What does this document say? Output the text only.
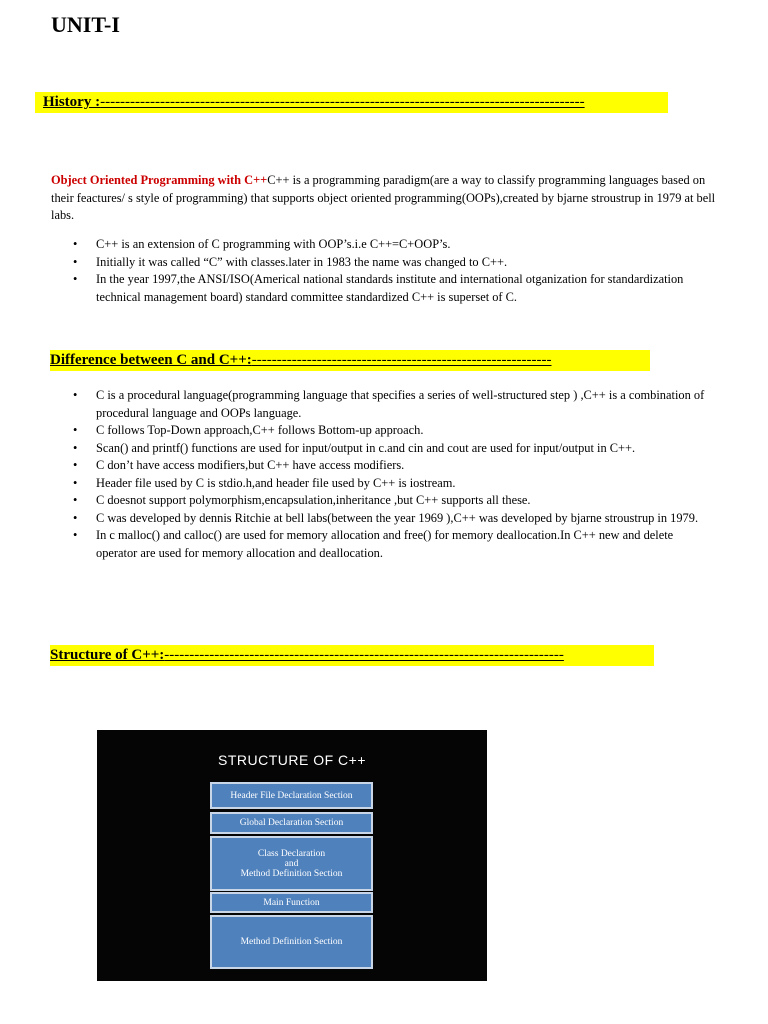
UNIT-I
History :-------------------------------------------------------------------------------------------------
Object Oriented Programming with C++C++ is a programming paradigm(are a way to classify programming languages based on their feactures/ s style of programming) that supports object oriented programming(OOPs),created by bjarne stroustrup in 1979 at bell labs.
• C++ is an extension of C programming with OOP’s.i.e C++=C+OOP’s.
• Initially it was called “C” with classes.later in 1983 the name was changed to C++.
• In the year 1997,the ANSI/ISO(Americal national standards institute and international otganization for standardization technical management board) standard committee standardized C++ is superset of C.
Difference between C and C++:------------------------------------------------------------
• C is a procedural language(programming language that specifies a series of well-structured step ) ,C++ is a combination of procedural language and OOPs language.
• C follows Top-Down approach,C++ follows Bottom-up approach.
• Scan() and printf() functions are used for input/output in c.and cin and cout are used for input/output in C++.
• C don’t have access modifiers,but C++ have access modifiers.
• Header file used by C is stdio.h,and header file used by C++ is iostream.
• C doesnot support polymorphism,encapsulation,inheritance ,but C++ supports all these.
• C was developed by dennis Ritchie at bell labs(between the year 1969 ),C++ was developed by bjarne stroustrup in 1979.
• In c malloc() and calloc() are used for memory allocation and free() for memory deallocation.In C++ new and delete operator are used for memory allocation and deallocation.
Structure of C++:--------------------------------------------------------------------------------
STRUCTURE OF C++
Header File Declaration Section
Global Declaration Section
Class Declaration
and
Method Definition Section
Main Function
Method Definition Section
